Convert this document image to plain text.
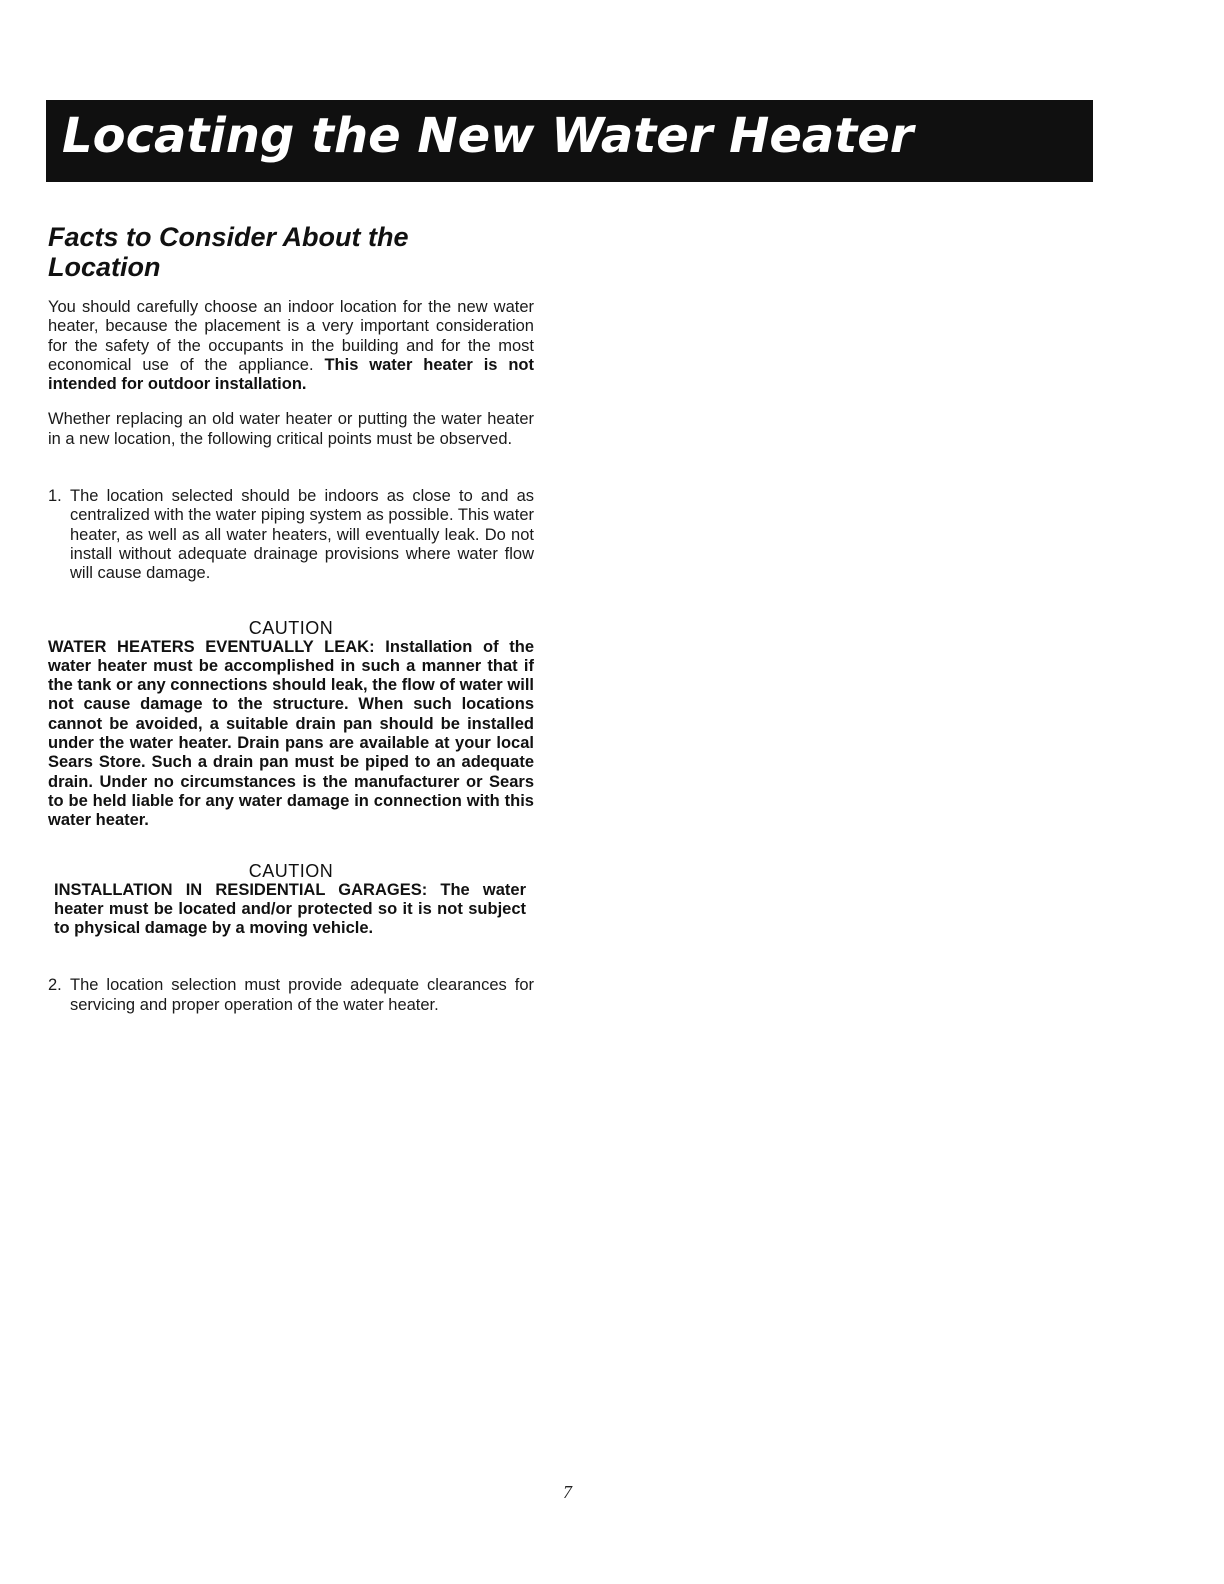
Locating the New Water Heater
Facts to Consider About the
Location

You should carefully choose an indoor location for the new water heater, because the placement is a very important consideration for the safety of the occupants in the building and for the most economical use of the appliance. This water heater is not intended for outdoor installation.

Whether replacing an old water heater or putting the water heater in a new location, the following critical points must be observed.

1. The location selected should be indoors as close to and as centralized with the water piping system as possible. This water heater, as well as all water heaters, will eventually leak. Do not install without adequate drainage provisions where water flow will cause damage.
CAUTION

WATER HEATERS EVENTUALLY LEAK: Installation of the water heater must be accomplished in such a manner that if the tank or any connections should leak, the flow of water will not cause damage to the structure. When such locations cannot be avoided, a suitable drain pan should be installed under the water heater. Drain pans are available at your local Sears Store. Such a drain pan must be piped to an adequate drain. Under no circumstances is the manufacturer or Sears to be held liable for any water damage in connection with this water heater.

CAUTION

INSTALLATION IN RESIDENTIAL GARAGES: The water heater must be located and/or protected so it is not subject to physical damage by a moving vehicle.

2. The location selection must provide adequate clearances for servicing and proper operation of the water heater.
7
